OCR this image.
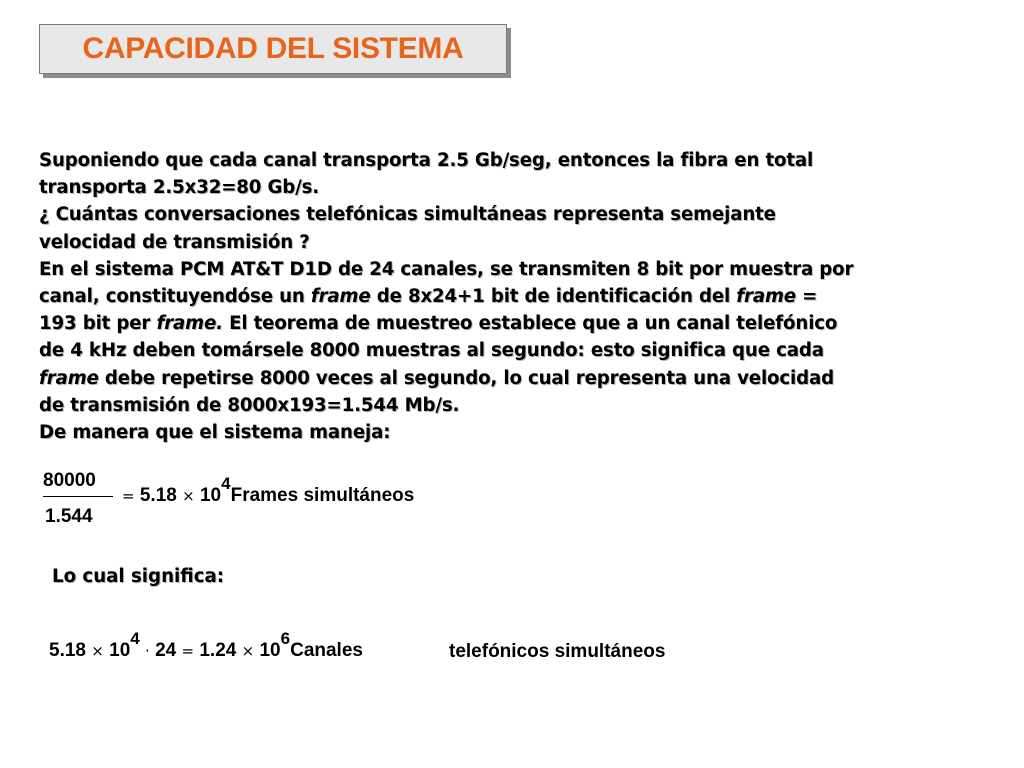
CAPACIDAD DEL SISTEMA
Suponiendo que cada canal transporta 2.5 Gb/seg, entonces la fibra en total
transporta 2.5x32=80 Gb/s.
¿ Cuántas conversaciones telefónicas simultáneas representa semejante
velocidad de transmisión ?
En el sistema PCM AT&T D1D de 24 canales, se transmiten 8 bit por muestra por
canal, constituyendóse un frame de 8x24+1 bit de identificación del frame =
193 bit per frame. El teorema de muestreo establece que a un canal telefónico
de 4 kHz deben tomársele 8000 muestras al segundo: esto significa que cada
frame debe repetirse 8000 veces al segundo, lo cual representa una velocidad
de transmisión de 8000x193=1.544 Mb/s.
De manera que el sistema maneja:
80000
1.544
= 5.18 × 104Frames simultáneos
Lo cual significa:
5.18 × 104 · 24 = 1.24 × 106Canales	telefónicos simultáneos
